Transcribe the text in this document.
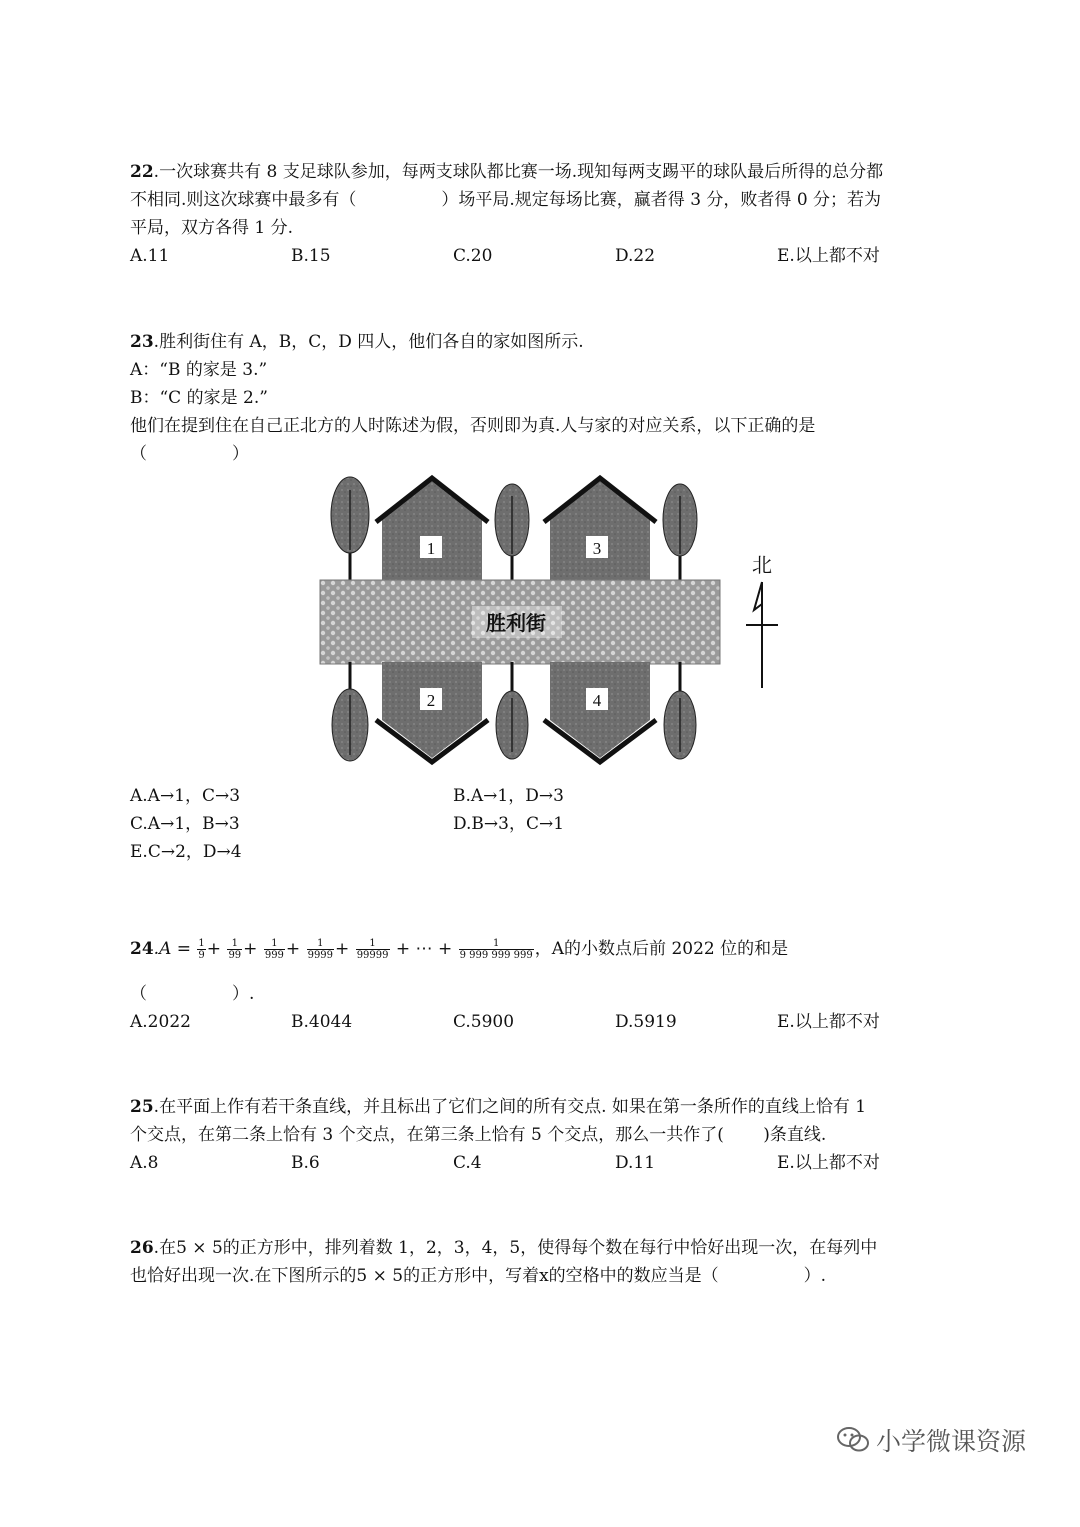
22.一次球赛共有 8 支足球队参加，每两支球队都比赛一场.现知每两支踢平的球队最后所得的总分都
不相同.则这次球赛中最多有（　　　　　）场平局.规定每场比赛，赢者得 3 分，败者得 0 分；若为
平局，双方各得 1 分.
A.11	B.15	C.20	D.22	E.以上都不对
23.胜利街住有 A，B，C，D 四人，他们各自的家如图所示.
A：“B 的家是 3.”
B：“C 的家是 2.”
他们在提到住在自己正北方的人时陈述为假，否则即为真.人与家的对应关系，以下正确的是
（　　　　　）
1	3
胜利街
2	4
北
A.A→1，C→3	B.A→1，D→3
C.A→1，B→3	D.B→3，C→1
E.C→2，D→4
$24.A = \frac{1}{9} + \frac{1}{99} + \frac{1}{999} + \frac{1}{9999} + \frac{1}{99999}$ + ⋯ + $\frac{1}{9 999 999 999}$ ，A的小数点后前 2022 位的和是
（　　　　　）.
A.2022	B.4044	C.5900	D.5919	E.以上都不对
25.在平面上作有若干条直线，并且标出了它们之间的所有交点. 如果在第一条所作的直线上恰有 1
个交点，在第二条上恰有 3 个交点，在第三条上恰有 5 个交点，那么一共作了(　　 )条直线.
A.8	B.6	C.4	D.11	E.以上都不对
26.在5 × 5的正方形中，排列着数 1，2，3，4，5，使得每个数在每行中恰好出现一次，在每列中
也恰好出现一次.在下图所示的5 × 5的正方形中，写着x的空格中的数应当是（　　　　　）.
小学微课资源
